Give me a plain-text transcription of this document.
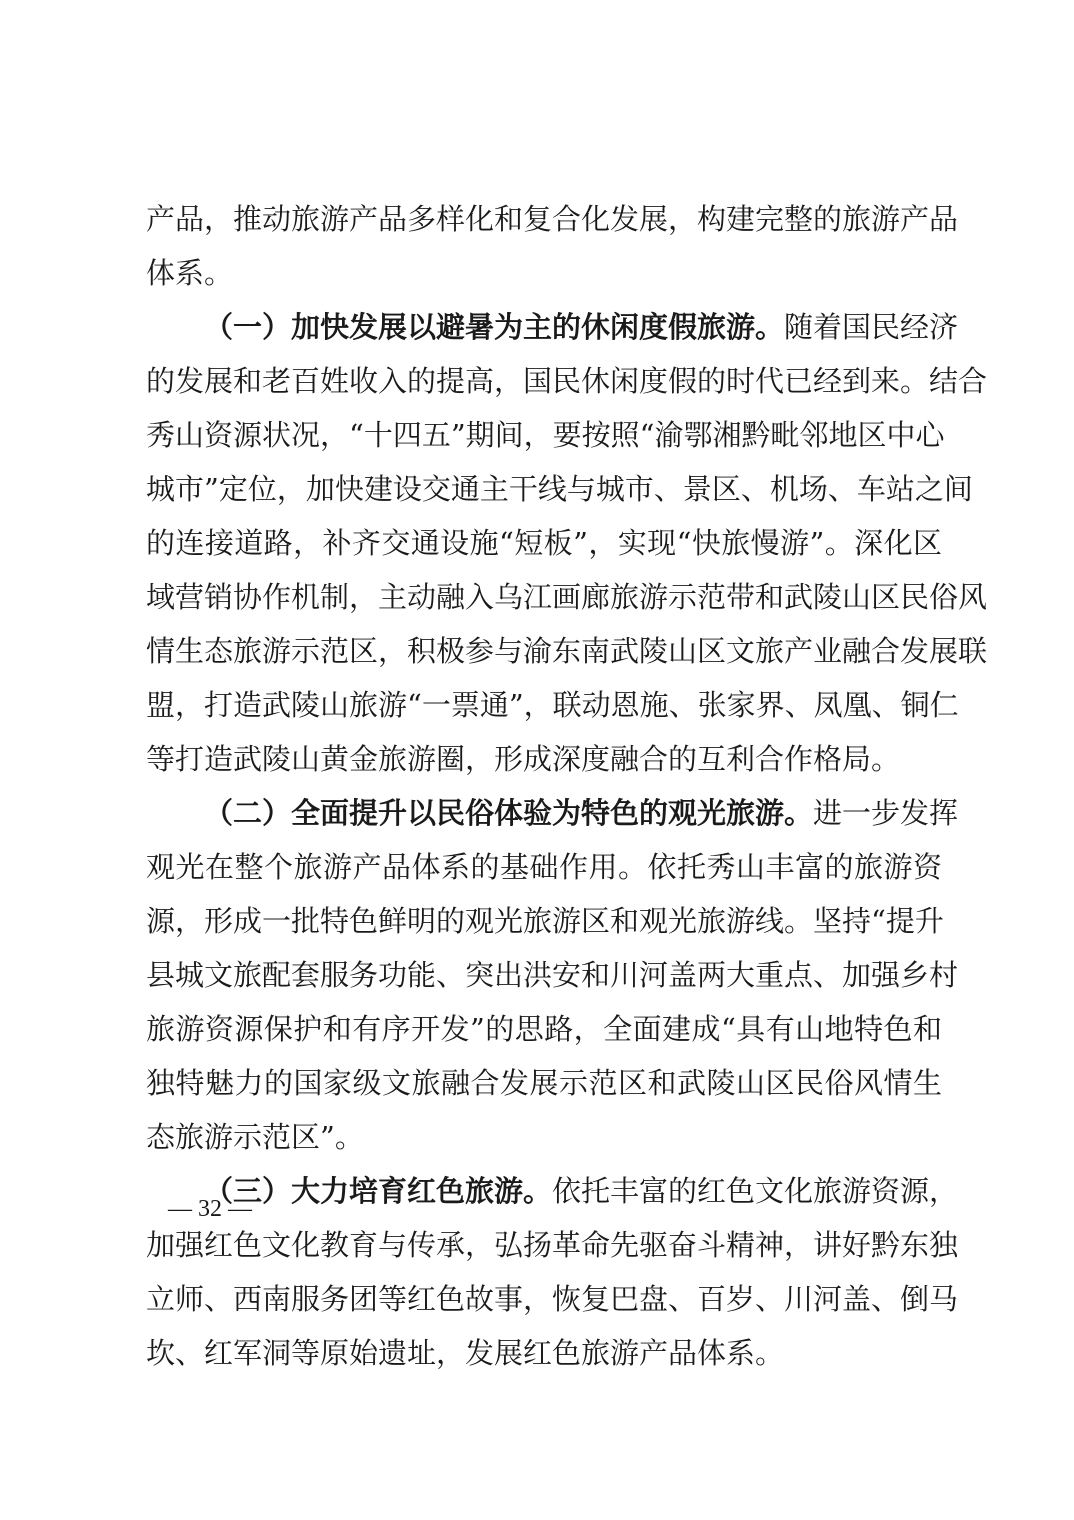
产品，推动旅游产品多样化和复合化发展，构建完整的旅游产品
体系。
（一）加快发展以避暑为主的休闲度假旅游。随着国民经济
的发展和老百姓收入的提高，国民休闲度假的时代已经到来。结合
秀山资源状况，“十四五”期间，要按照“渝鄂湘黔毗邻地区中心
城市”定位，加快建设交通主干线与城市、景区、机场、车站之间
的连接道路，补齐交通设施“短板”，实现“快旅慢游”。深化区
域营销协作机制，主动融入乌江画廊旅游示范带和武陵山区民俗风
情生态旅游示范区，积极参与渝东南武陵山区文旅产业融合发展联
盟，打造武陵山旅游“一票通”，联动恩施、张家界、凤凰、铜仁
等打造武陵山黄金旅游圈，形成深度融合的互利合作格局。
（二）全面提升以民俗体验为特色的观光旅游。进一步发挥
观光在整个旅游产品体系的基础作用。依托秀山丰富的旅游资
源，形成一批特色鲜明的观光旅游区和观光旅游线。坚持“提升
县城文旅配套服务功能、突出洪安和川河盖两大重点、加强乡村
旅游资源保护和有序开发”的思路，全面建成“具有山地特色和
独特魅力的国家级文旅融合发展示范区和武陵山区民俗风情生
态旅游示范区”。
（三）大力培育红色旅游。依托丰富的红色文化旅游资源，
加强红色文化教育与传承，弘扬革命先驱奋斗精神，讲好黔东独
立师、西南服务团等红色故事，恢复巴盘、百岁、川河盖、倒马
坎、红军洞等原始遗址，发展红色旅游产品体系。
— 32 —
